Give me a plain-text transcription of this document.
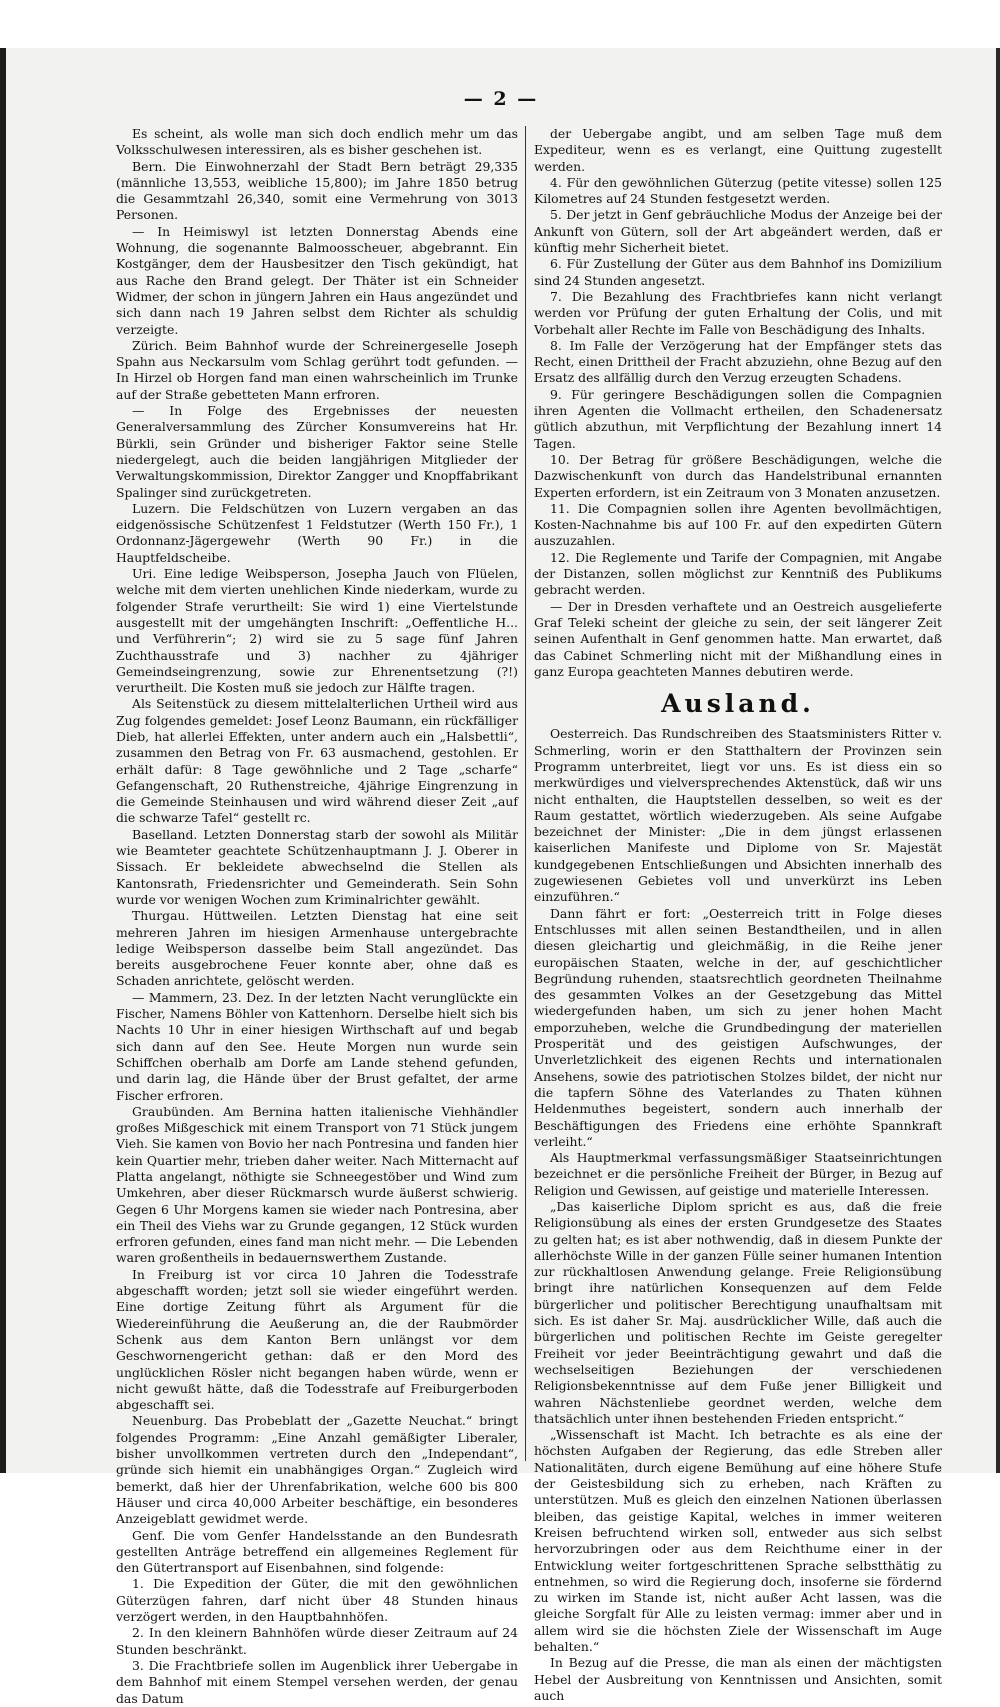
— 2 —

Es scheint, als wolle man sich doch endlich mehr um das Volksschulwesen interessiren, als es bisher geschehen ist.

Bern. Die Einwohnerzahl der Stadt Bern beträgt 29,335 (männliche 13,553, weibliche 15,800); im Jahre 1850 betrug die Gesammtzahl 26,340, somit eine Vermehrung von 3013 Personen.

— In Heimiswyl ist letzten Donnerstag Abends eine Wohnung, die sogenannte Balmoosscheuer, abgebrannt. Ein Kostgänger, dem der Hausbesitzer den Tisch gekündigt, hat aus Rache den Brand gelegt. Der Thäter ist ein Schneider Widmer, der schon in jüngern Jahren ein Haus angezündet und sich dann nach 19 Jahren selbst dem Richter als schuldig verzeigte.

Zürich. Beim Bahnhof wurde der Schreinergeselle Joseph Spahn aus Neckarsulm vom Schlag gerührt todt gefunden. — In Hirzel ob Horgen fand man einen wahrscheinlich im Trunke auf der Straße gebetteten Mann erfroren.

— In Folge des Ergebnisses der neuesten Generalversammlung des Zürcher Konsumvereins hat Hr. Bürkli, sein Gründer und bisheriger Faktor seine Stelle niedergelegt, auch die beiden langjährigen Mitglieder der Verwaltungskommission, Direktor Zangger und Knopffabrikant Spalinger sind zurückgetreten.

Luzern. Die Feldschützen von Luzern vergaben an das eidgenössische Schützenfest 1 Feldstutzer (Werth 150 Fr.), 1 Ordonnanz-Jägergewehr (Werth 90 Fr.) in die Hauptfeldscheibe.

Uri. Eine ledige Weibsperson, Josepha Jauch von Flüelen, welche mit dem vierten unehlichen Kinde niederkam, wurde zu folgender Strafe verurtheilt: Sie wird 1) eine Viertelstunde ausgestellt mit der umgehängten Inschrift: „Oeffentliche H... und Verführerin“; 2) wird sie zu 5 sage fünf Jahren Zuchthausstrafe und 3) nachher zu 4jähriger Gemeindseingrenzung, sowie zur Ehrenentsetzung (?!) verurtheilt. Die Kosten muß sie jedoch zur Hälfte tragen.

Als Seitenstück zu diesem mittelalterlichen Urtheil wird aus Zug folgendes gemeldet: Josef Leonz Baumann, ein rückfälliger Dieb, hat allerlei Effekten, unter andern auch ein „Halsbettli“, zusammen den Betrag von Fr. 63 ausmachend, gestohlen. Er erhält dafür: 8 Tage gewöhnliche und 2 Tage „scharfe“ Gefangenschaft, 20 Ruthenstreiche, 4jährige Eingrenzung in die Gemeinde Steinhausen und wird während dieser Zeit „auf die schwarze Tafel“ gestellt rc.

Baselland. Letzten Donnerstag starb der sowohl als Militär wie Beamteter geachtete Schützenhauptmann J. J. Oberer in Sissach. Er bekleidete abwechselnd die Stellen als Kantonsrath, Friedensrichter und Gemeinderath. Sein Sohn wurde vor wenigen Wochen zum Kriminalrichter gewählt.

Thurgau. Hüttweilen. Letzten Dienstag hat eine seit mehreren Jahren im hiesigen Armenhause untergebrachte ledige Weibsperson dasselbe beim Stall angezündet. Das bereits ausgebrochene Feuer konnte aber, ohne daß es Schaden anrichtete, gelöscht werden.

— Mammern, 23. Dez. In der letzten Nacht verunglückte ein Fischer, Namens Böhler von Kattenhorn. Derselbe hielt sich bis Nachts 10 Uhr in einer hiesigen Wirthschaft auf und begab sich dann auf den See. Heute Morgen nun wurde sein Schiffchen oberhalb am Dorfe am Lande stehend gefunden, und darin lag, die Hände über der Brust gefaltet, der arme Fischer erfroren.

Graubünden. Am Bernina hatten italienische Viehhändler großes Mißgeschick mit einem Transport von 71 Stück jungem Vieh. Sie kamen von Bovio her nach Pontresina und fanden hier kein Quartier mehr, trieben daher weiter. Nach Mitternacht auf Platta angelangt, nöthigte sie Schneegestöber und Wind zum Umkehren, aber dieser Rückmarsch wurde äußerst schwierig. Gegen 6 Uhr Morgens kamen sie wieder nach Pontresina, aber ein Theil des Viehs war zu Grunde gegangen, 12 Stück wurden erfroren gefunden, eines fand man nicht mehr. — Die Lebenden waren großentheils in bedauernswerthem Zustande.

In Freiburg ist vor circa 10 Jahren die Todesstrafe abgeschafft worden; jetzt soll sie wieder eingeführt werden. Eine dortige Zeitung führt als Argument für die Wiedereinführung die Aeußerung an, die der Raubmörder Schenk aus dem Kanton Bern unlängst vor dem Geschwornengericht gethan: daß er den Mord des unglücklichen Rösler nicht begangen haben würde, wenn er nicht gewußt hätte, daß die Todesstrafe auf Freiburgerboden abgeschafft sei.

Neuenburg. Das Probeblatt der „Gazette Neuchat.“ bringt folgendes Programm: „Eine Anzahl gemäßigter Liberaler, bisher unvollkommen vertreten durch den „Independant“, gründe sich hiemit ein unabhängiges Organ.“ Zugleich wird bemerkt, daß hier der Uhrenfabrikation, welche 600 bis 800 Häuser und circa 40,000 Arbeiter beschäftige, ein besonderes Anzeigeblatt gewidmet werde.

Genf. Die vom Genfer Handelsstande an den Bundesrath gestellten Anträge betreffend ein allgemeines Reglement für den Gütertransport auf Eisenbahnen, sind folgende:

1. Die Expedition der Güter, die mit den gewöhnlichen Güterzügen fahren, darf nicht über 48 Stunden hinaus verzögert werden, in den Hauptbahnhöfen.

2. In den kleinern Bahnhöfen würde dieser Zeitraum auf 24 Stunden beschränkt.

3. Die Frachtbriefe sollen im Augenblick ihrer Uebergabe in dem Bahnhof mit einem Stempel versehen werden, der genau das Datum

der Uebergabe angibt, und am selben Tage muß dem Expediteur, wenn es es verlangt, eine Quittung zugestellt werden.

4. Für den gewöhnlichen Güterzug (petite vitesse) sollen 125 Kilometres auf 24 Stunden festgesetzt werden.

5. Der jetzt in Genf gebräuchliche Modus der Anzeige bei der Ankunft von Gütern, soll der Art abgeändert werden, daß er künftig mehr Sicherheit bietet.

6. Für Zustellung der Güter aus dem Bahnhof ins Domizilium sind 24 Stunden angesetzt.

7. Die Bezahlung des Frachtbriefes kann nicht verlangt werden vor Prüfung der guten Erhaltung der Colis, und mit Vorbehalt aller Rechte im Falle von Beschädigung des Inhalts.

8. Im Falle der Verzögerung hat der Empfänger stets das Recht, einen Drittheil der Fracht abzuziehn, ohne Bezug auf den Ersatz des allfällig durch den Verzug erzeugten Schadens.

9. Für geringere Beschädigungen sollen die Compagnien ihren Agenten die Vollmacht ertheilen, den Schadenersatz gütlich abzuthun, mit Verpflichtung der Bezahlung innert 14 Tagen.

10. Der Betrag für größere Beschädigungen, welche die Dazwischenkunft von durch das Handelstribunal ernannten Experten erfordern, ist ein Zeitraum von 3 Monaten anzusetzen.

11. Die Compagnien sollen ihre Agenten bevollmächtigen, Kosten-Nachnahme bis auf 100 Fr. auf den expedirten Gütern auszuzahlen.

12. Die Reglemente und Tarife der Compagnien, mit Angabe der Distanzen, sollen möglichst zur Kenntniß des Publikums gebracht werden.

— Der in Dresden verhaftete und an Oestreich ausgelieferte Graf Teleki scheint der gleiche zu sein, der seit längerer Zeit seinen Aufenthalt in Genf genommen hatte. Man erwartet, daß das Cabinet Schmerling nicht mit der Mißhandlung eines in ganz Europa geachteten Mannes debutiren werde.

Ausland.

Oesterreich. Das Rundschreiben des Staatsministers Ritter v. Schmerling, worin er den Statthaltern der Provinzen sein Programm unterbreitet, liegt vor uns. Es ist diess ein so merkwürdiges und vielversprechendes Aktenstück, daß wir uns nicht enthalten, die Hauptstellen desselben, so weit es der Raum gestattet, wörtlich wiederzugeben. Als seine Aufgabe bezeichnet der Minister: „Die in dem jüngst erlassenen kaiserlichen Manifeste und Diplome von Sr. Majestät kundgegebenen Entschließungen und Absichten innerhalb des zugewiesenen Gebietes voll und unverkürzt ins Leben einzuführen.“

Dann fährt er fort: „Oesterreich tritt in Folge dieses Entschlusses mit allen seinen Bestandtheilen, und in allen diesen gleichartig und gleichmäßig, in die Reihe jener europäischen Staaten, welche in der, auf geschichtlicher Begründung ruhenden, staatsrechtlich geordneten Theilnahme des gesammten Volkes an der Gesetzgebung das Mittel wiedergefunden haben, um sich zu jener hohen Macht emporzuheben, welche die Grundbedingung der materiellen Prosperität und des geistigen Aufschwunges, der Unverletzlichkeit des eigenen Rechts und internationalen Ansehens, sowie des patriotischen Stolzes bildet, der nicht nur die tapfern Söhne des Vaterlandes zu Thaten kühnen Heldenmuthes begeistert, sondern auch innerhalb der Beschäftigungen des Friedens eine erhöhte Spannkraft verleiht.“

Als Hauptmerkmal verfassungsmäßiger Staatseinrichtungen bezeichnet er die persönliche Freiheit der Bürger, in Bezug auf Religion und Gewissen, auf geistige und materielle Interessen.

„Das kaiserliche Diplom spricht es aus, daß die freie Religionsübung als eines der ersten Grundgesetze des Staates zu gelten hat; es ist aber nothwendig, daß in diesem Punkte der allerhöchste Wille in der ganzen Fülle seiner humanen Intention zur rückhaltlosen Anwendung gelange. Freie Religionsübung bringt ihre natürlichen Konsequenzen auf dem Felde bürgerlicher und politischer Berechtigung unaufhaltsam mit sich. Es ist daher Sr. Maj. ausdrücklicher Wille, daß auch die bürgerlichen und politischen Rechte im Geiste geregelter Freiheit vor jeder Beeinträchtigung gewahrt und daß die wechselseitigen Beziehungen der verschiedenen Religionsbekenntnisse auf dem Fuße jener Billigkeit und wahren Nächstenliebe geordnet werden, welche dem thatsächlich unter ihnen bestehenden Frieden entspricht.“

„Wissenschaft ist Macht. Ich betrachte es als eine der höchsten Aufgaben der Regierung, das edle Streben aller Nationalitäten, durch eigene Bemühung auf eine höhere Stufe der Geistesbildung sich zu erheben, nach Kräften zu unterstützen. Muß es gleich den einzelnen Nationen überlassen bleiben, das geistige Kapital, welches in immer weiteren Kreisen befruchtend wirken soll, entweder aus sich selbst hervorzubringen oder aus dem Reichthume einer in der Entwicklung weiter fortgeschrittenen Sprache selbstthätig zu entnehmen, so wird die Regierung doch, insoferne sie fördernd zu wirken im Stande ist, nicht außer Acht lassen, was die gleiche Sorgfalt für Alle zu leisten vermag: immer aber und in allem wird sie die höchsten Ziele der Wissenschaft im Auge behalten.“

In Bezug auf die Presse, die man als einen der mächtigsten Hebel der Ausbreitung von Kenntnissen und Ansichten, somit auch
